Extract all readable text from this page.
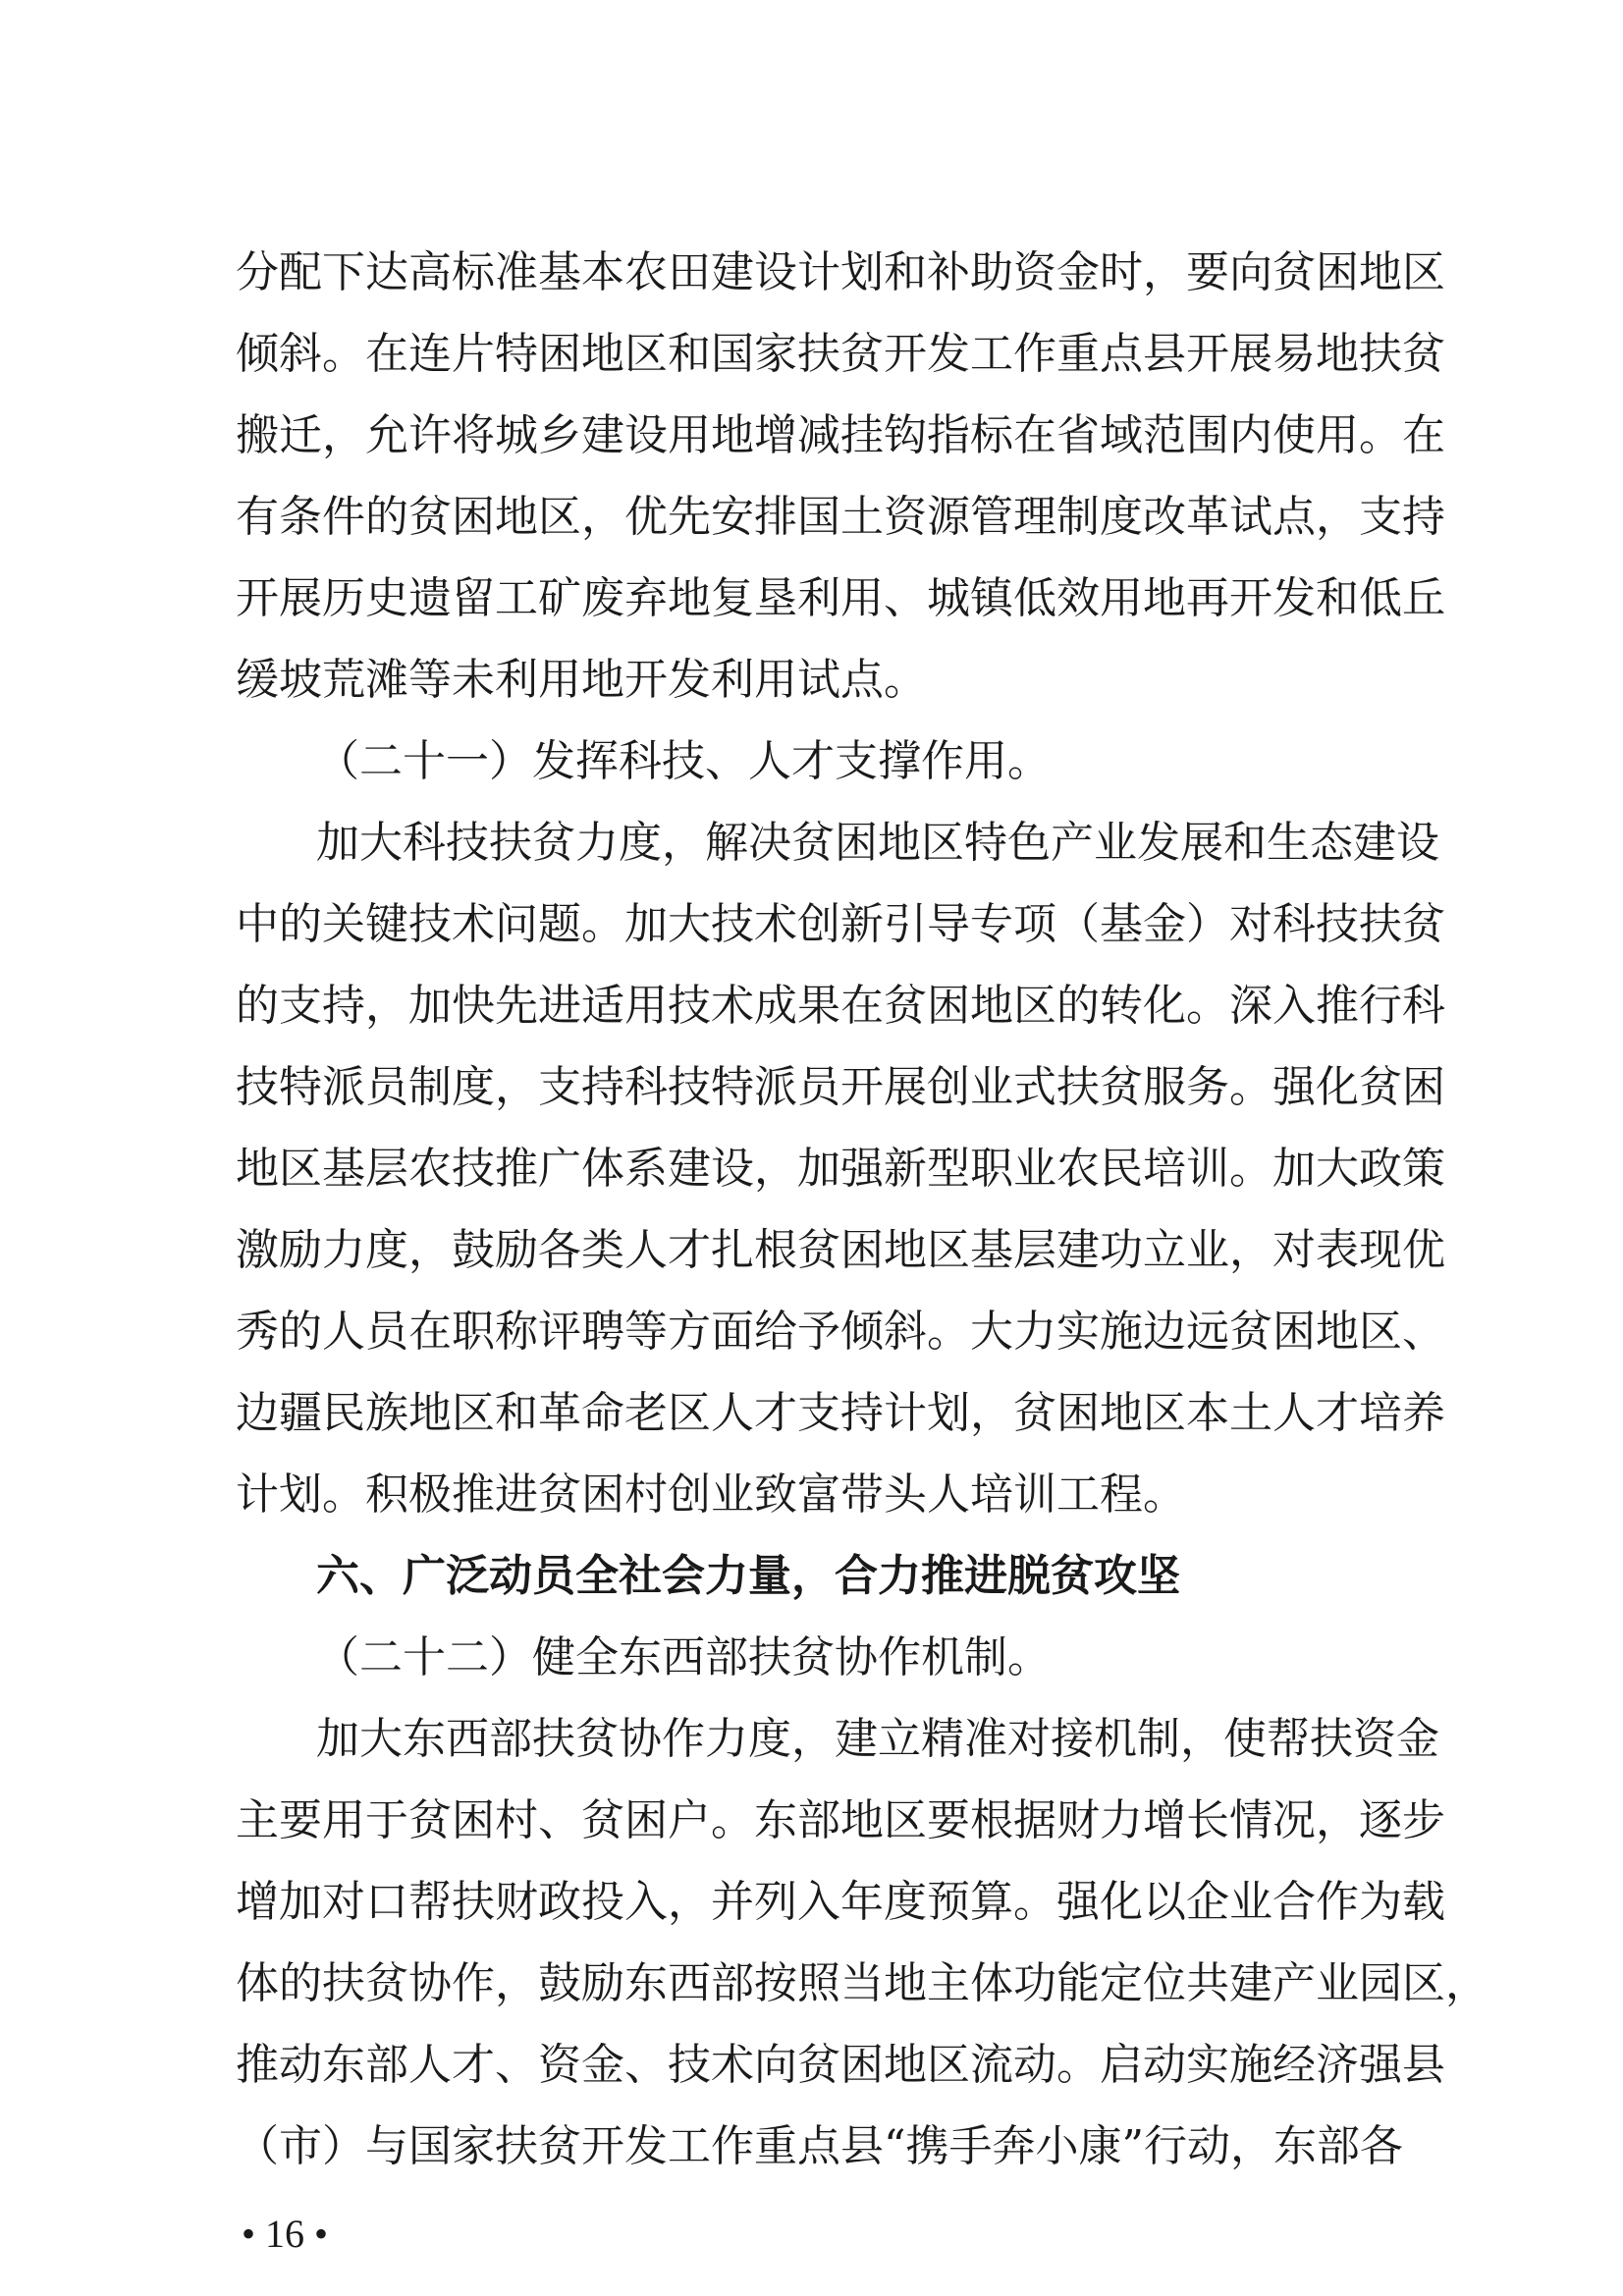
分配下达高标准基本农田建设计划和补助资金时，要向贫困地区
倾斜。在连片特困地区和国家扶贫开发工作重点县开展易地扶贫
搬迁，允许将城乡建设用地增减挂钩指标在省域范围内使用。在
有条件的贫困地区，优先安排国土资源管理制度改革试点，支持
开展历史遗留工矿废弃地复垦利用、城镇低效用地再开发和低丘
缓坡荒滩等未利用地开发利用试点。
（二十一）发挥科技、人才支撑作用。
加大科技扶贫力度，解决贫困地区特色产业发展和生态建设
中的关键技术问题。加大技术创新引导专项（基金）对科技扶贫
的支持，加快先进适用技术成果在贫困地区的转化。深入推行科
技特派员制度，支持科技特派员开展创业式扶贫服务。强化贫困
地区基层农技推广体系建设，加强新型职业农民培训。加大政策
激励力度，鼓励各类人才扎根贫困地区基层建功立业，对表现优
秀的人员在职称评聘等方面给予倾斜。大力实施边远贫困地区、
边疆民族地区和革命老区人才支持计划，贫困地区本土人才培养
计划。积极推进贫困村创业致富带头人培训工程。
六、广泛动员全社会力量，合力推进脱贫攻坚
（二十二）健全东西部扶贫协作机制。
加大东西部扶贫协作力度，建立精准对接机制，使帮扶资金
主要用于贫困村、贫困户。东部地区要根据财力增长情况，逐步
增加对口帮扶财政投入，并列入年度预算。强化以企业合作为载
体的扶贫协作，鼓励东西部按照当地主体功能定位共建产业园区，
推动东部人才、资金、技术向贫困地区流动。启动实施经济强县
（市）与国家扶贫开发工作重点县“携手奔小康”行动，东部各
• 16 •
